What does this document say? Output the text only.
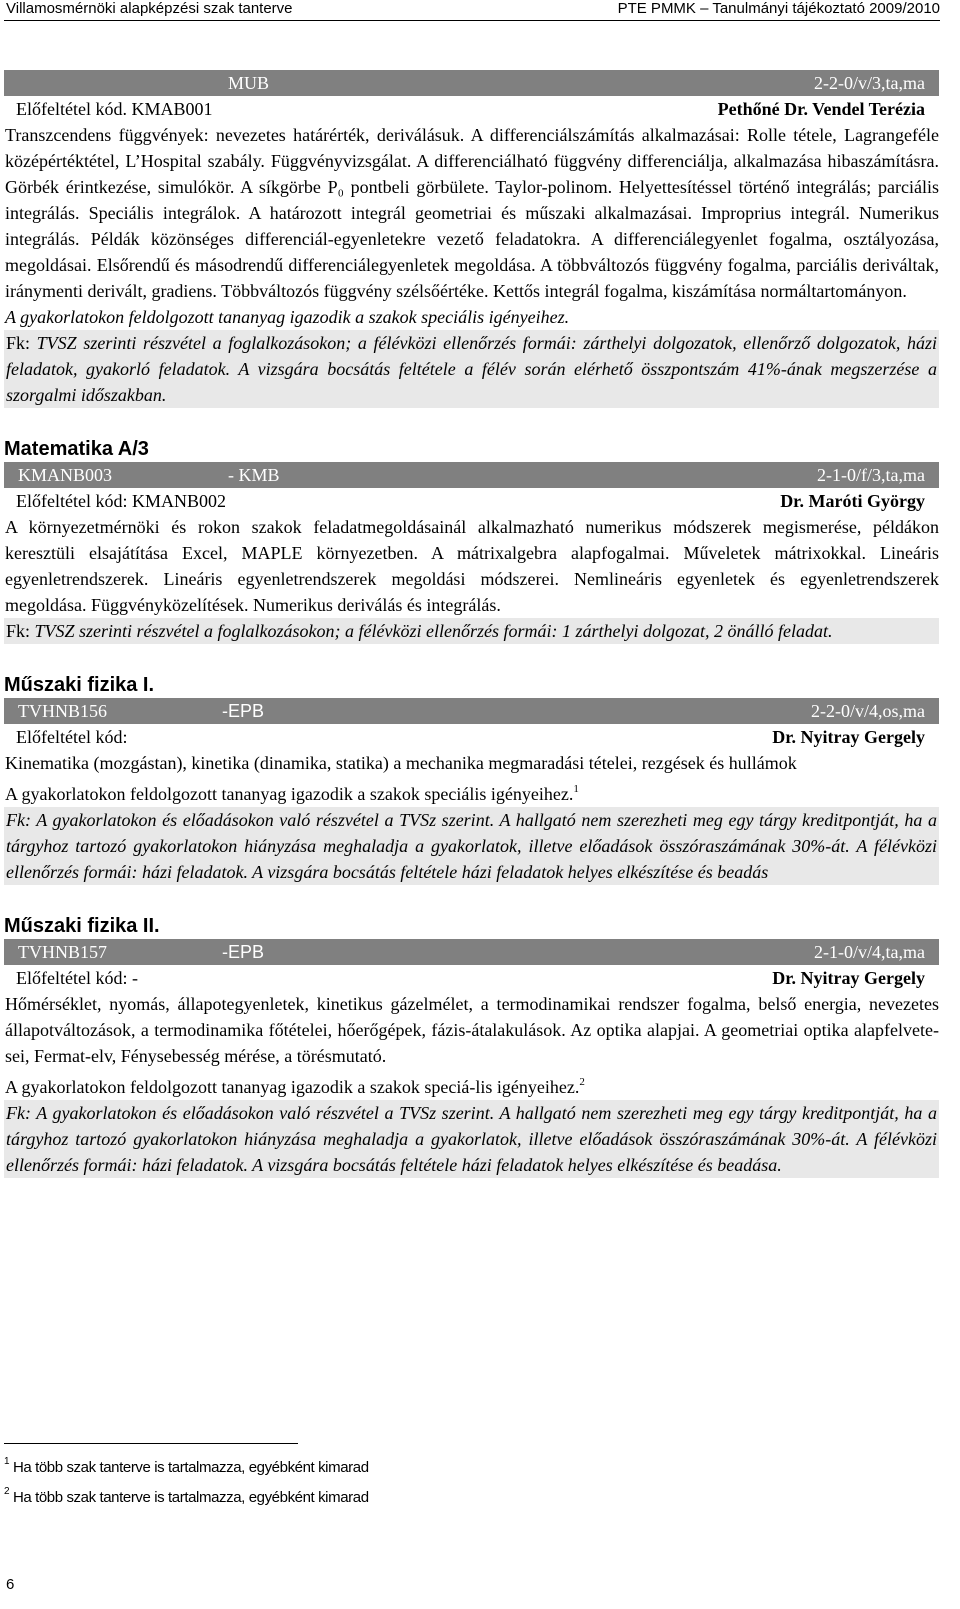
Villamosmérnöki alapképzési szak tanterve	PTE PMMK – Tanulmányi tájékoztató 2009/2010
MUB	2-2-0/v/3,ta,ma
Előfeltétel kód. KMAB001	Pethőné Dr. Vendel Terézia

Transzcendens függvények: nevezetes határérték, deriválásuk. A differenciálszámítás alkalmazásai: Rolle tétele, Lagrangeféle középértéktétel, L’Hospital szabály. Függvényvizsgálat. A differenciálható függvény differenciálja, alkalmazása hibaszámításra. Görbék érintkezése, simulókör. A síkgörbe P₀ pontbeli görbülete. Taylor-polinom. Helyettesítéssel történő integrálás; parciális integrálás. Speciális integrálok. A határozott integrál geometriai és műszaki alkalmazásai. Improprius integrál. Numerikus integrálás. Példák közönséges differenciál-egyenletekre vezető feladatokra. A differenciálegyenlet fogalma, osztályozása, megoldásai. Elsőrendű és másodrendű differenciálegyenletek megoldása. A többváltozós függvény fogalma, parciális deriváltak, iránymenti derivált, gradiens. Többváltozós függvény szélsőértéke. Kettős integrál fogalma, kiszámítása normáltartományon.

A gyakorlatokon feldolgozott tananyag igazodik a szakok speciális igényeihez.

Fk: TVSZ szerinti részvétel a foglalkozásokon; a félévközi ellenőrzés formái: zárthelyi dolgozatok, ellenőrző dolgozatok, házi feladatok, gyakorló feladatok. A vizsgára bocsátás feltétele a félév során elérhető összpontszám 41%-ának megszerzése a szorgalmi időszakban.
Matematika A/3
KMANB003	- KMB	2-1-0/f/3,ta,ma
Előfeltétel kód: KMANB002	Dr. Maróti György

A környezetmérnöki és rokon szakok feladatmegoldásainál alkalmazható numerikus módszerek megismerése, példákon keresztüli elsajátítása Excel, MAPLE környezetben. A mátrixalgebra alapfogalmai. Műveletek mátrixokkal. Lineáris egyenletrendszerek. Lineáris egyenletrendszerek megoldási módszerei. Nemlineáris egyenletek és egyenletrendszerek megoldása. Függvényközelítések. Numerikus deriválás és integrálás.

Fk: TVSZ szerinti részvétel a foglalkozásokon; a félévközi ellenőrzés formái: 1 zárthelyi dolgozat, 2 önálló feladat.
Műszaki fizika I.
TVHNB156	-EPB	2-2-0/v/4,os,ma
Előfeltétel kód:	Dr. Nyitray Gergely

Kinematika (mozgástan), kinetika (dinamika, statika) a mechanika megmaradási tételei, rezgések és hullámok

A gyakorlatokon feldolgozott tananyag igazodik a szakok speciális igényeihez.$^1$

Fk: A gyakorlatokon és előadásokon való részvétel a TVSz szerint. A hallgató nem szerezheti meg egy tárgy kreditpontját, ha a tárgyhoz tartozó gyakorlatokon hiányzása meghaladja a gyakorlatok, illetve előadások összóraszámának 30%-át. A félévközi ellenőrzés formái: házi feladatok. A vizsgára bocsátás feltétele házi feladatok helyes elkészítése és beadás
Műszaki fizika II.
TVHNB157	-EPB	2-1-0/v/4,ta,ma
Előfeltétel kód: -	Dr. Nyitray Gergely

Hőmérséklet, nyomás, állapotegyenletek, kinetikus gázelmélet, a termodinamikai rendszer fogalma, belső energia, nevezetes állapotváltozások, a termodinamika főtételei, hőerőgépek, fázis-átalakulások. Az optika alapjai. A geometriai optika alapfelvete-sei, Fermat-elv, Fénysebesség mérése, a törésmutató.

A gyakorlatokon feldolgozott tananyag igazodik a szakok speciá-lis igényeihez.$^2$

Fk: A gyakorlatokon és előadásokon való részvétel a TVSz szerint. A hallgató nem szerezheti meg egy tárgy kreditpontját, ha a tárgyhoz tartozó gyakorlatokon hiányzása meghaladja a gyakorlatok, illetve előadások összóraszámának 30%-át. A félévközi ellenőrzés formái: házi feladatok. A vizsgára bocsátás feltétele házi feladatok helyes elkészítése és beadása.
$^1$ Ha több szak tanterve is tartalmazza, egyébként kimarad
$^2$ Ha több szak tanterve is tartalmazza, egyébként kimarad
6
